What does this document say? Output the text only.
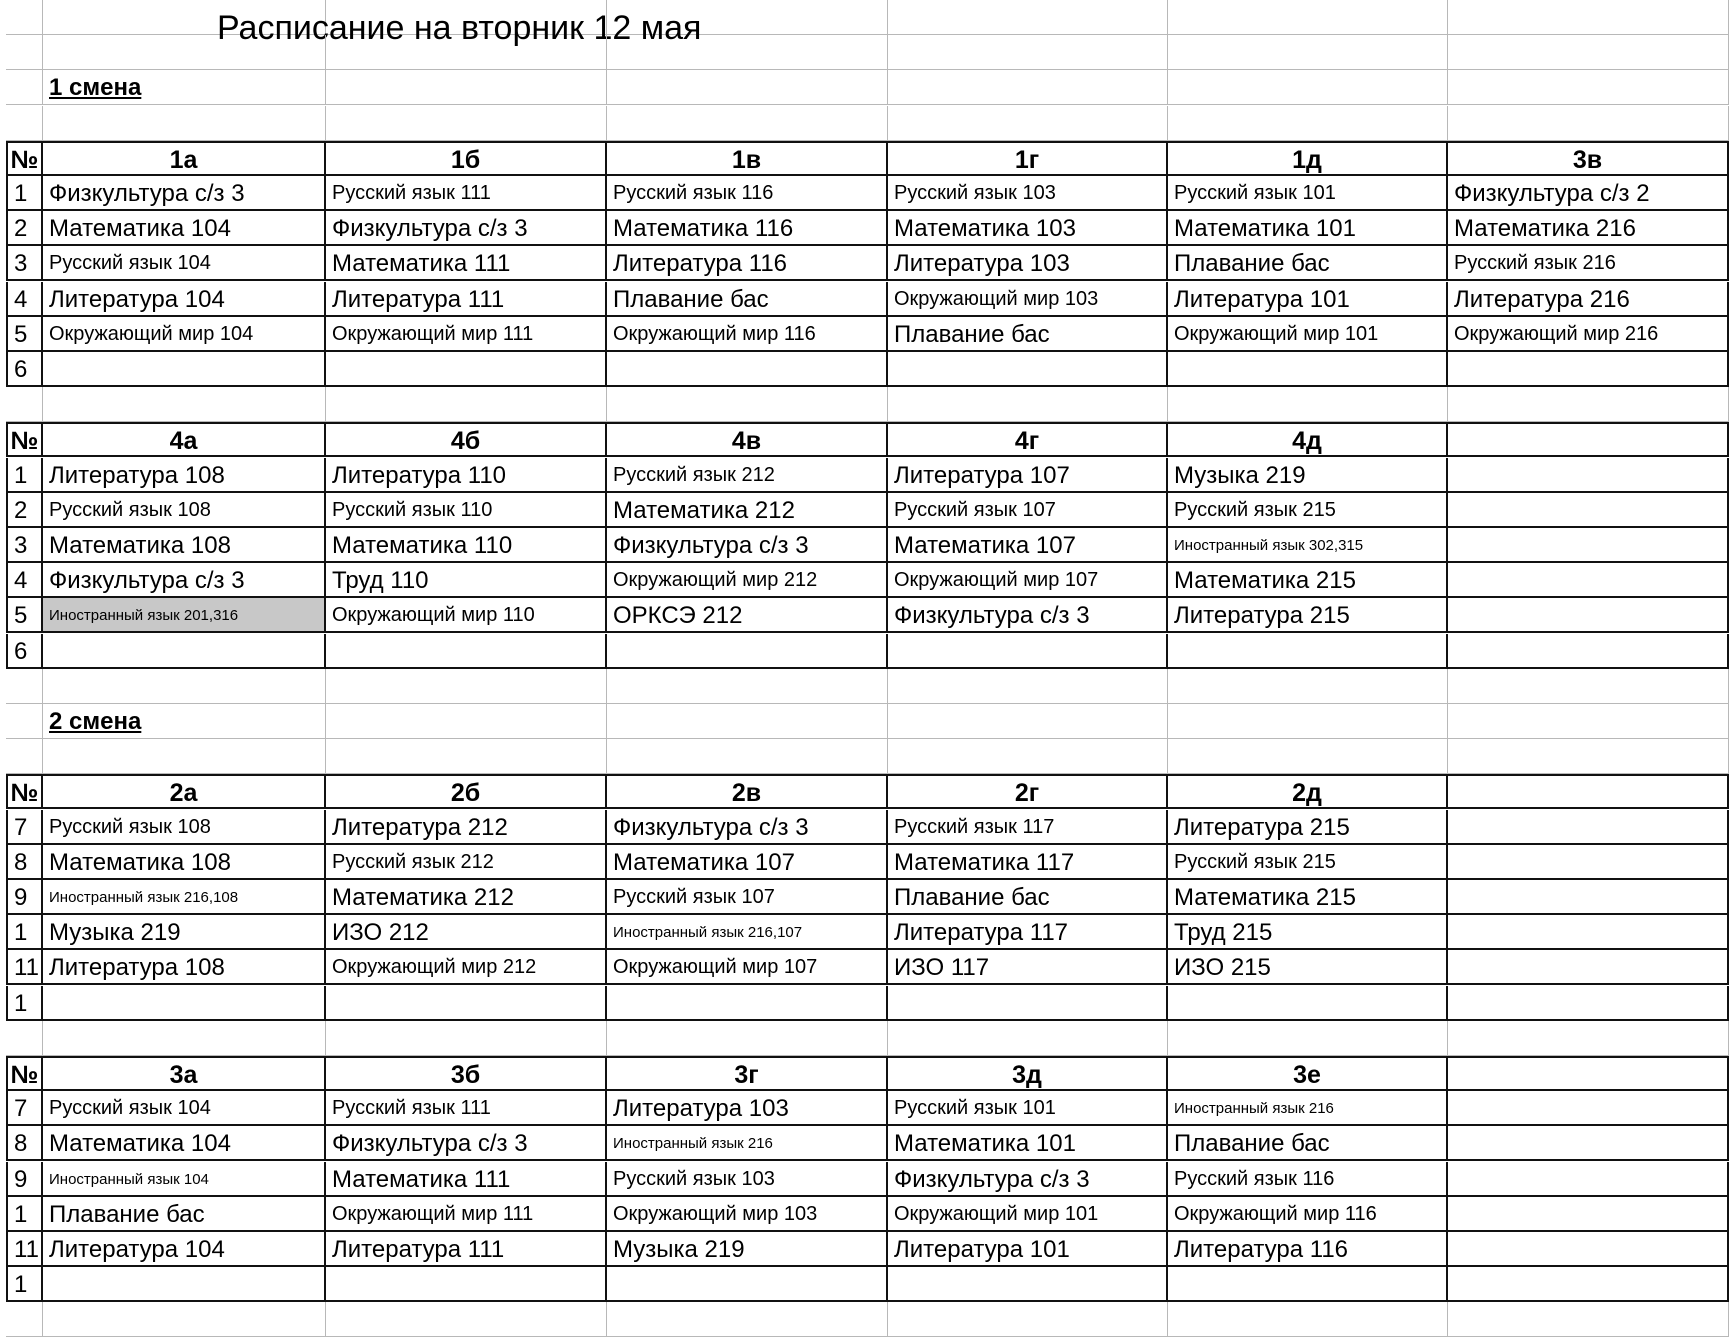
Расписание на вторник 12 мая
1 смена
№	1а	1б	1в	1г	1д	3в
1 Физкультура с/з 3	Русский язык 111	Русский язык 116	Русский язык 103	Русский язык 101	Физкультура с/з 2
2 Математика 104	Физкультура с/з 3	Математика 116	Математика 103	Математика 101	Математика 216
3	Русский язык 104	Математика 111	Литература 116	Литература 103	Плавание бас	Русский язык 216
4 Литература 104	Литература 111	Плавание бас	Окружающий мир 103	Литература 101	Литература 216
5	Окружающий мир 104	Окружающий мир 111	Окружающий мир 116	Плавание бас	Окружающий мир 101	Окружающий мир 216
6
№	4а	4б	4в	4г	4д
1 Литература 108	Литература 110	Русский язык 212	Литература 107	Музыка 219
2	Русский язык 108	Русский язык 110	Математика 212	Русский язык 107	Русский язык 215
3 Математика 108	Математика 110	Физкультура с/з 3	Математика 107	Иностранный язык 302,315
4 Физкультура с/з 3	Труд 110	Окружающий мир 212	Окружающий мир 107	Математика 215
5	Иностранный язык 201,316	Окружающий мир 110	ОРКСЭ 212	Физкультура с/з 3	Литература 215
6
2 смена
№	2а	2б	2в	2г	2д
7	Русский язык 108	Литература 212	Физкультура с/з 3	Русский язык 117	Литература 215
8 Математика 108	Русский язык 212	Математика 107	Математика 117	Русский язык 215
9	Иностранный язык 216,108	Математика 212	Русский язык 107	Плавание бас	Математика 215
1 Музыка 219	ИЗО 212	Иностранный язык 216,107	Литература 117	Труд 215
11 Литература 108	Окружающий мир 212	Окружающий мир 107	ИЗО 117	ИЗО 215
1
№	3а	3б	3г	3д	3е
7	Русский язык 104	Русский язык 111	Литература 103	Русский язык 101	Иностранный язык 216
8 Математика 104	Физкультура с/з 3	Иностранный язык 216	Математика 101	Плавание бас
9	Иностранный язык 104	Математика 111	Русский язык 103	Физкультура с/з 3	Русский язык 116
1 Плавание бас	Окружающий мир 111	Окружающий мир 103	Окружающий мир 101	Окружающий мир 116
11 Литература 104	Литература 111	Музыка 219	Литература 101	Литература 116
1
